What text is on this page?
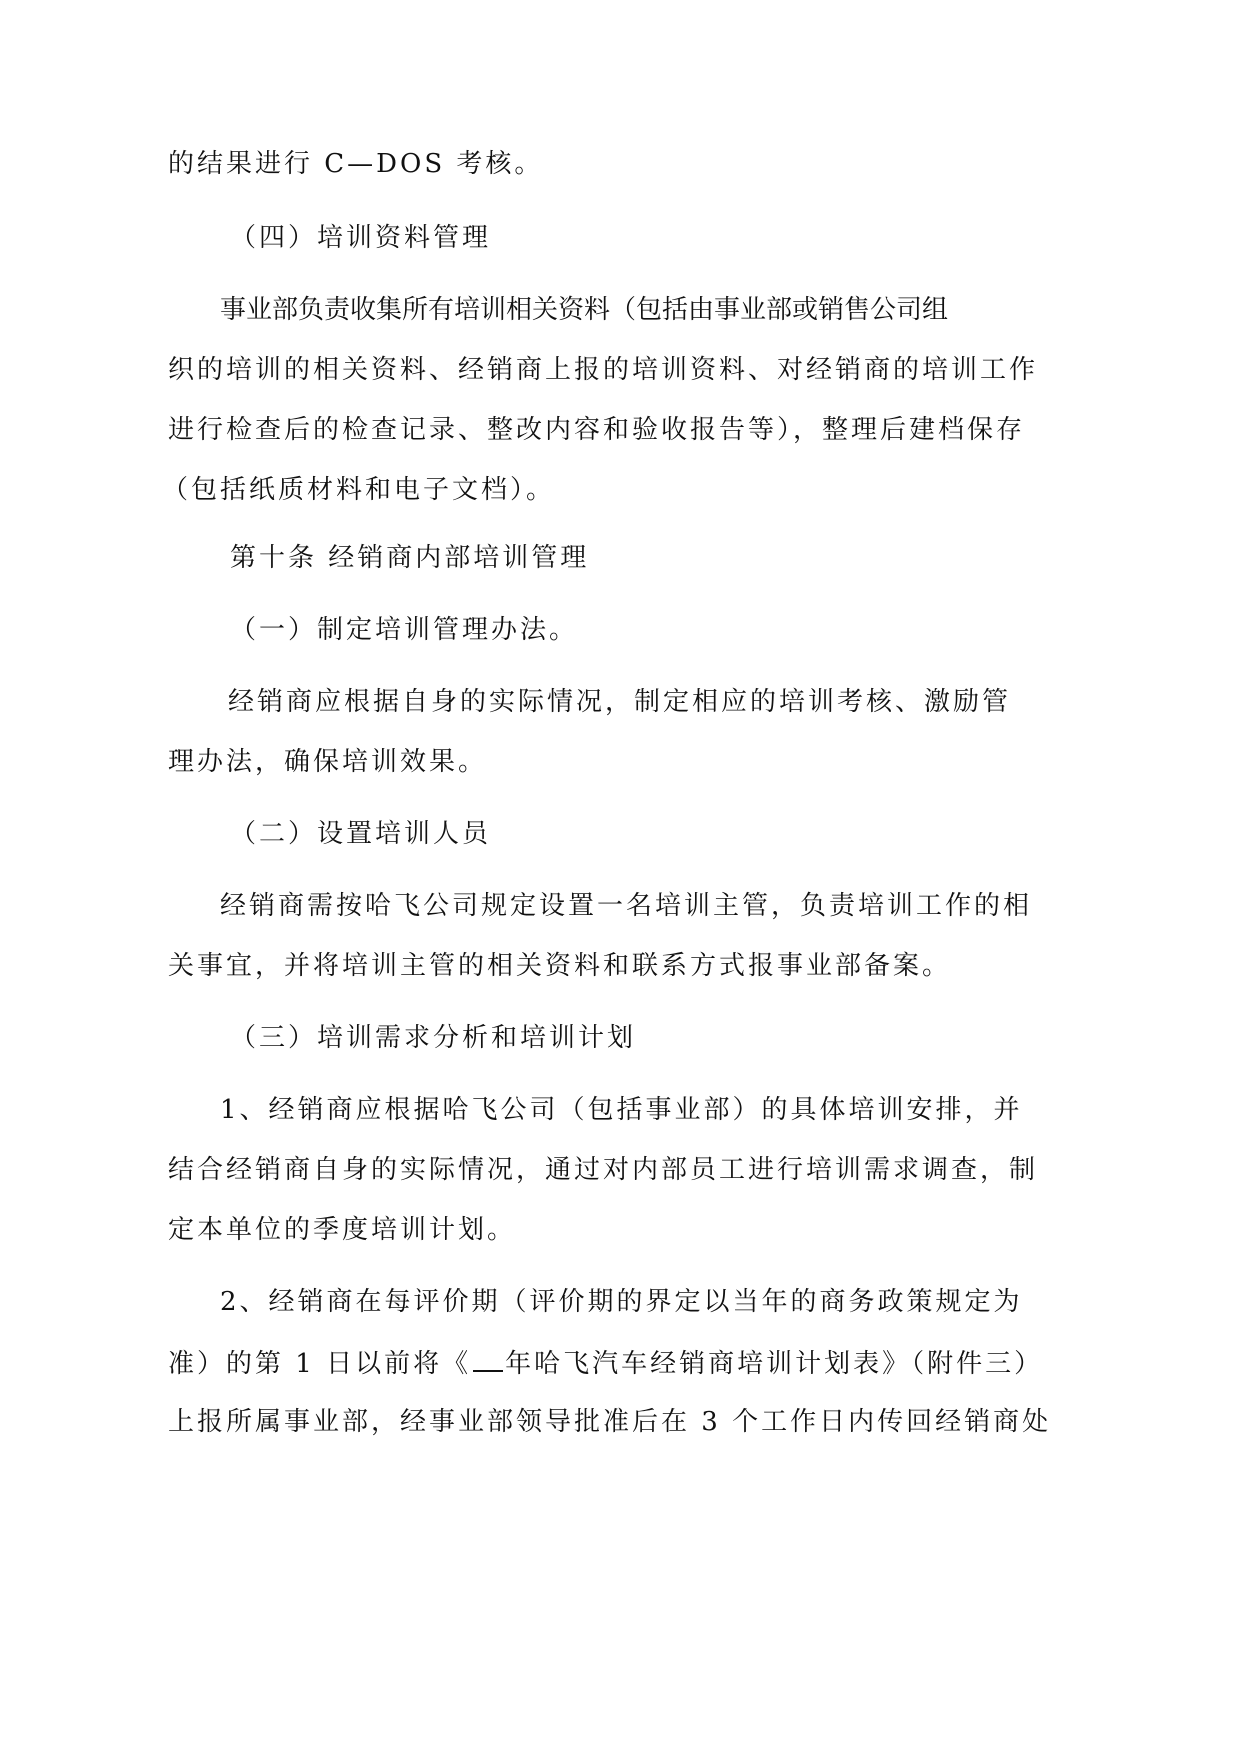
的结果进行 C—DOS 考核。
（四）培训资料管理
事业部负责收集所有培训相关资料（包括由事业部或销售公司组
织的培训的相关资料、经销商上报的培训资料、对经销商的培训工作
进行检查后的检查记录、整改内容和验收报告等），整理后建档保存
（包括纸质材料和电子文档）。
第十条 经销商内部培训管理
（一）制定培训管理办法。
经销商应根据自身的实际情况，制定相应的培训考核、激励管
理办法，确保培训效果。
（二）设置培训人员
经销商需按哈飞公司规定设置一名培训主管，负责培训工作的相
关事宜，并将培训主管的相关资料和联系方式报事业部备案。
（三）培训需求分析和培训计划
1、经销商应根据哈飞公司（包括事业部）的具体培训安排，并
结合经销商自身的实际情况，通过对内部员工进行培训需求调查，制
定本单位的季度培训计划。
2、经销商在每评价期（评价期的界定以当年的商务政策规定为
准）的第 1 日以前将《 年哈飞汽车经销商培训计划表》（附件三）
上报所属事业部，经事业部领导批准后在 3 个工作日内传回经销商处
